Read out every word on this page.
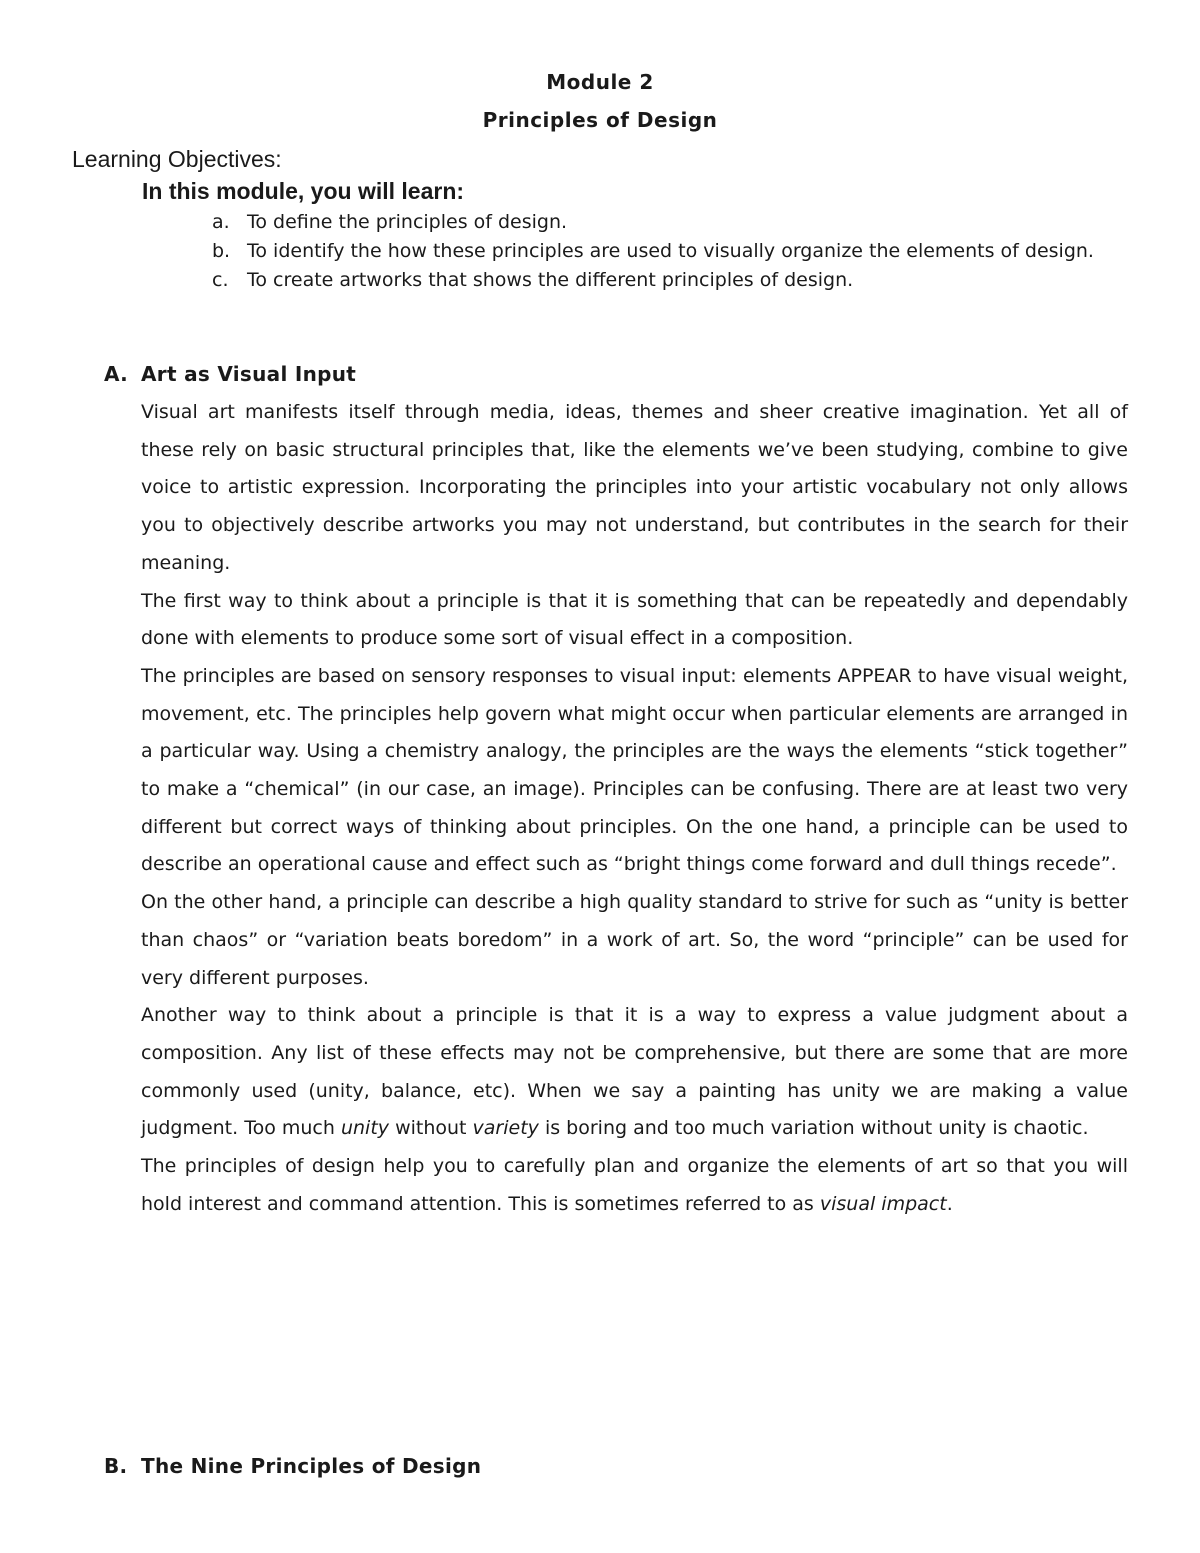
Module 2
Principles of Design
Learning Objectives:
In this module, you will learn:
a. To define the principles of design.
b. To identify the how these principles are used to visually organize the elements of design.
c. To create artworks that shows the different principles of design.
A. Art as Visual Input

Visual art manifests itself through media, ideas, themes and sheer creative imagination. Yet all of these rely on basic structural principles that, like the elements we’ve been studying, combine to give voice to artistic expression. Incorporating the principles into your artistic vocabulary not only allows you to objectively describe artworks you may not understand, but contributes in the search for their meaning.

The first way to think about a principle is that it is something that can be repeatedly and dependably done with elements to produce some sort of visual effect in a composition.

The principles are based on sensory responses to visual input: elements APPEAR to have visual weight, movement, etc. The principles help govern what might occur when particular elements are arranged in a particular way. Using a chemistry analogy, the principles are the ways the elements “stick together” to make a “chemical” (in our case, an image). Principles can be confusing. There are at least two very different but correct ways of thinking about principles. On the one hand, a principle can be used to describe an operational cause and effect such as “bright things come forward and dull things recede”.

On the other hand, a principle can describe a high quality standard to strive for such as “unity is better than chaos” or “variation beats boredom” in a work of art. So, the word “principle” can be used for very different purposes.

Another way to think about a principle is that it is a way to express a value judgment about a composition. Any list of these effects may not be comprehensive, but there are some that are more commonly used (unity, balance, etc). When we say a painting has unity we are making a value judgment. Too much unity without variety is boring and too much variation without unity is chaotic.

The principles of design help you to carefully plan and organize the elements of art so that you will hold interest and command attention. This is sometimes referred to as visual impact.

B. The Nine Principles of Design
